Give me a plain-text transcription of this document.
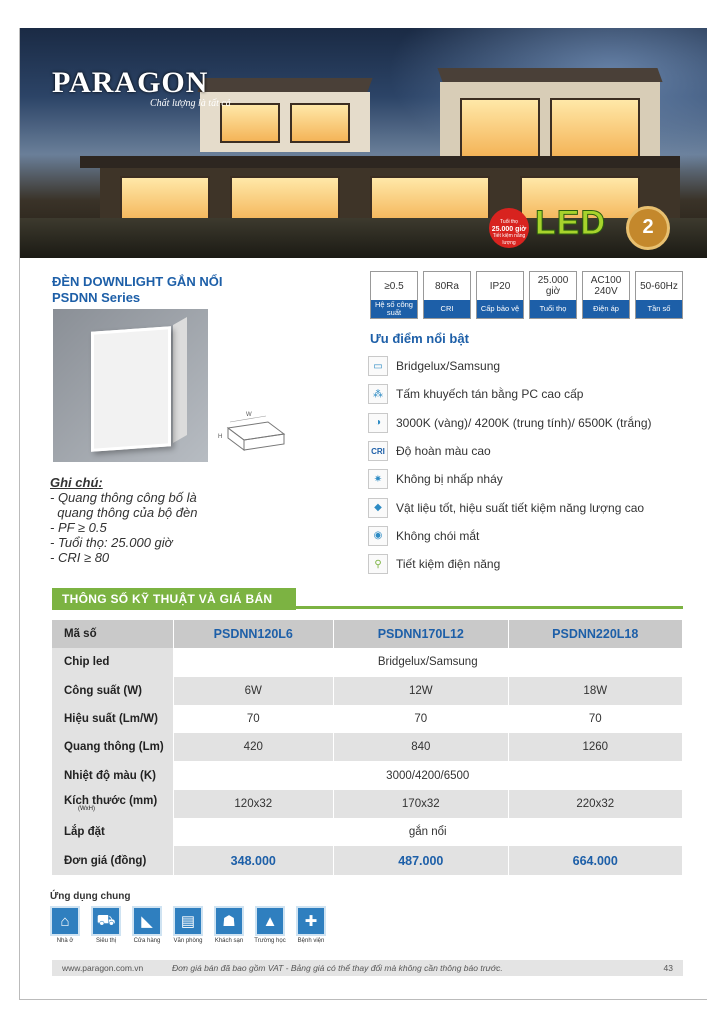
PARAGON
Chất lượng là tất cả
Tuổi thọ
25.000 giờ
Tiết kiệm năng lượng
LED	2
ĐÈN DOWNLIGHT GẮN NỔI
PSDNN Series
≥0.5
Hệ số công suất
80Ra
CRI
IP20
Cấp bảo vệ
25.000 giờ
Tuổi thọ
AC100 240V
Điện áp
50-60Hz
Tần số
W
H
Ghi chú:
- Quang thông công bố là
quang thông của bộ đèn
- PF ≥ 0.5
- Tuổi thọ: 25.000 giờ
- CRI ≥ 80
Ưu điểm nổi bật
▭	Bridgelux/Samsung
⁂	Tấm khuyếch tán bằng PC cao cấp
◑	3000K (vàng)/ 4200K (trung tính)/ 6500K (trắng)
CRI Độ hoàn màu cao
✷	Không bị nhấp nháy
◆	Vật liệu tốt, hiệu suất tiết kiệm năng lượng cao
◉	Không chói mắt
⚲	Tiết kiệm điện năng
THÔNG SỐ KỸ THUẬT VÀ GIÁ BÁN
Mã số	PSDNN120L6	PSDNN170L12	PSDNN220L18
Chip led	Bridgelux/Samsung		
Công suất (W)	6W	12W	18W
Hiệu suất (Lm/W)	70	70	70
Quang thông (Lm)	420	840	1260
Nhiệt độ màu (K)	3000/4200/6500		
Kích thước (mm)
(WxH)	120x32	170x32	220x32
Lắp đặt	gắn nổi		
Đơn giá (đồng)	348.000	487.000	664.000
Ứng dụng chung
⌂
Nhà ở
⛟
Siêu thị
◣
Cửa hàng
▤
Văn phòng
☗
Khách sạn
▲
Trường học
✚
Bệnh viện
www.paragon.com.vn	Đơn giá bán đã bao gồm VAT - Bảng giá có thể thay đổi mà không cần thông báo trước.	43
